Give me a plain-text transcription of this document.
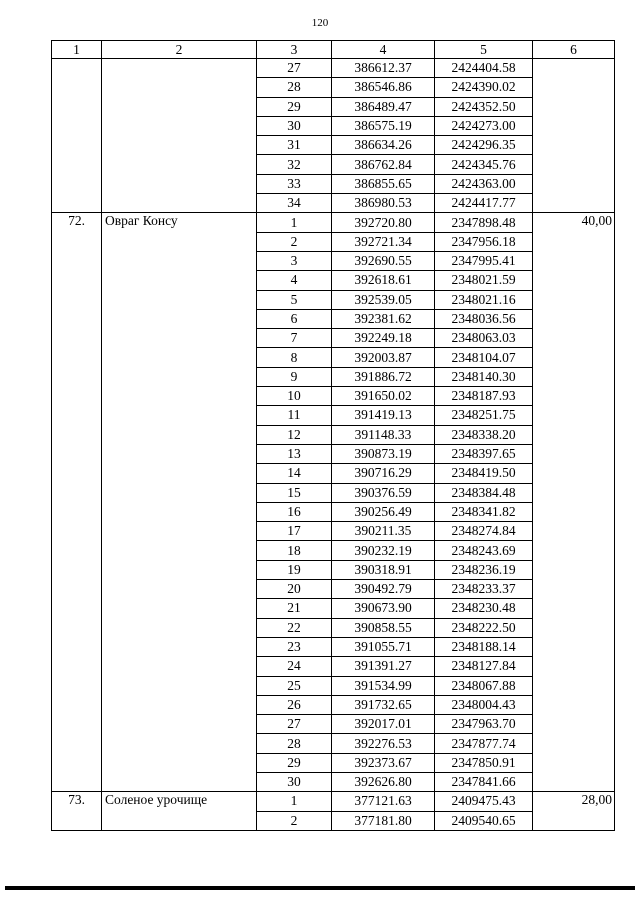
120
1	2	3	4	5	6
		27	386612.37	2424404.58	
		28	386546.86	2424390.02	
		29	386489.47	2424352.50	
		30	386575.19	2424273.00	
		31	386634.26	2424296.35	
		32	386762.84	2424345.76	
		33	386855.65	2424363.00	
		34	386980.53	2424417.77	
72.	Овраг Консу	1	392720.80	2347898.48	40,00
		2	392721.34	2347956.18	
		3	392690.55	2347995.41	
		4	392618.61	2348021.59	
		5	392539.05	2348021.16	
		6	392381.62	2348036.56	
		7	392249.18	2348063.03	
		8	392003.87	2348104.07	
		9	391886.72	2348140.30	
		10	391650.02	2348187.93	
		11	391419.13	2348251.75	
		12	391148.33	2348338.20	
		13	390873.19	2348397.65	
		14	390716.29	2348419.50	
		15	390376.59	2348384.48	
		16	390256.49	2348341.82	
		17	390211.35	2348274.84	
		18	390232.19	2348243.69	
		19	390318.91	2348236.19	
		20	390492.79	2348233.37	
		21	390673.90	2348230.48	
		22	390858.55	2348222.50	
		23	391055.71	2348188.14	
		24	391391.27	2348127.84	
		25	391534.99	2348067.88	
		26	391732.65	2348004.43	
		27	392017.01	2347963.70	
		28	392276.53	2347877.74	
		29	392373.67	2347850.91	
		30	392626.80	2347841.66	
73.	Соленое урочище	1	377121.63	2409475.43	28,00
		2	377181.80	2409540.65	
